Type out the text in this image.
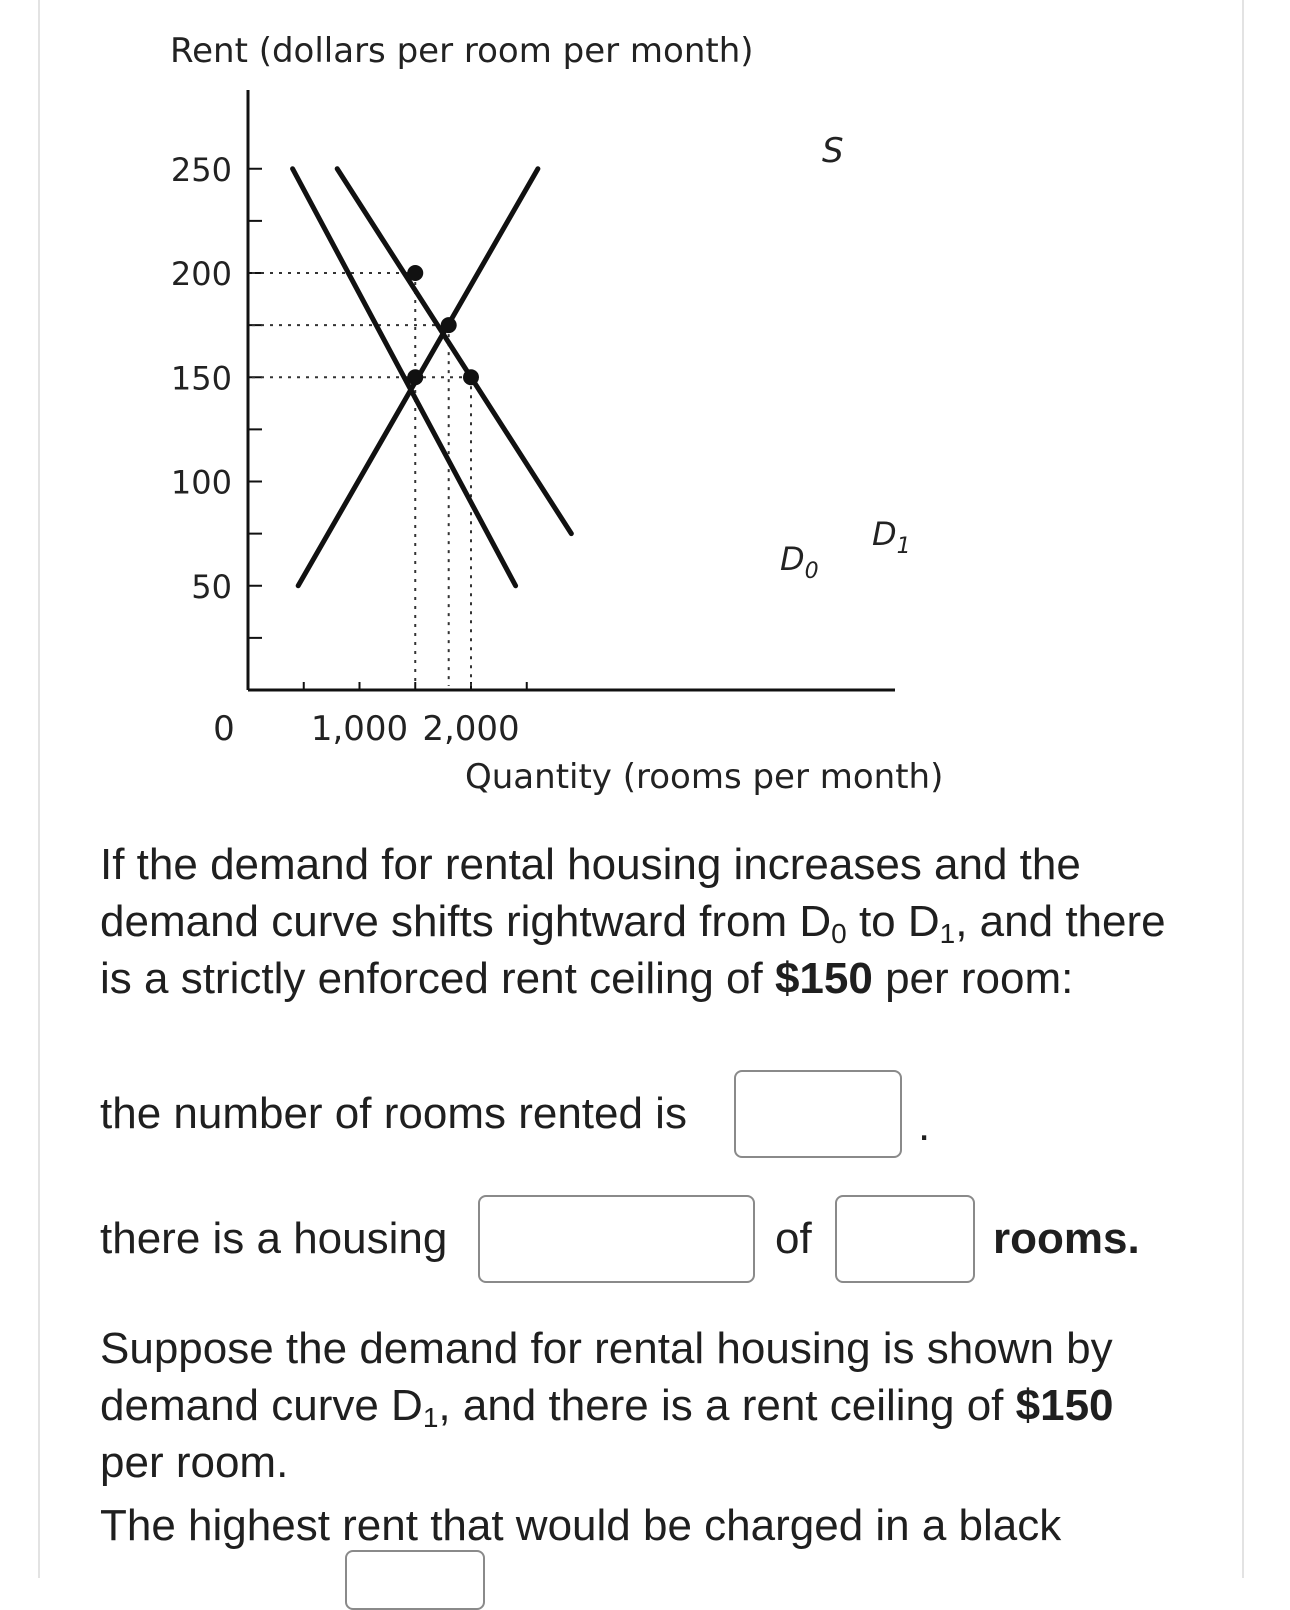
Rent (dollars per room per month)
250
200
150
100
50
0 1,000 2,000
Quantity (rooms per month)
S
$D_0$
$D_1$

If the demand for rental housing increases and the demand curve shifts rightward from $D_0$ to $D_1$, and there is a strictly enforced rent ceiling of $150 per room:

the number of rooms rented is	.
there is a housing	of	rooms.

Suppose the demand for rental housing is shown by demand curve $D_1$, and there is a rent ceiling of $150 per room.

The highest rent that would be charged in a black
